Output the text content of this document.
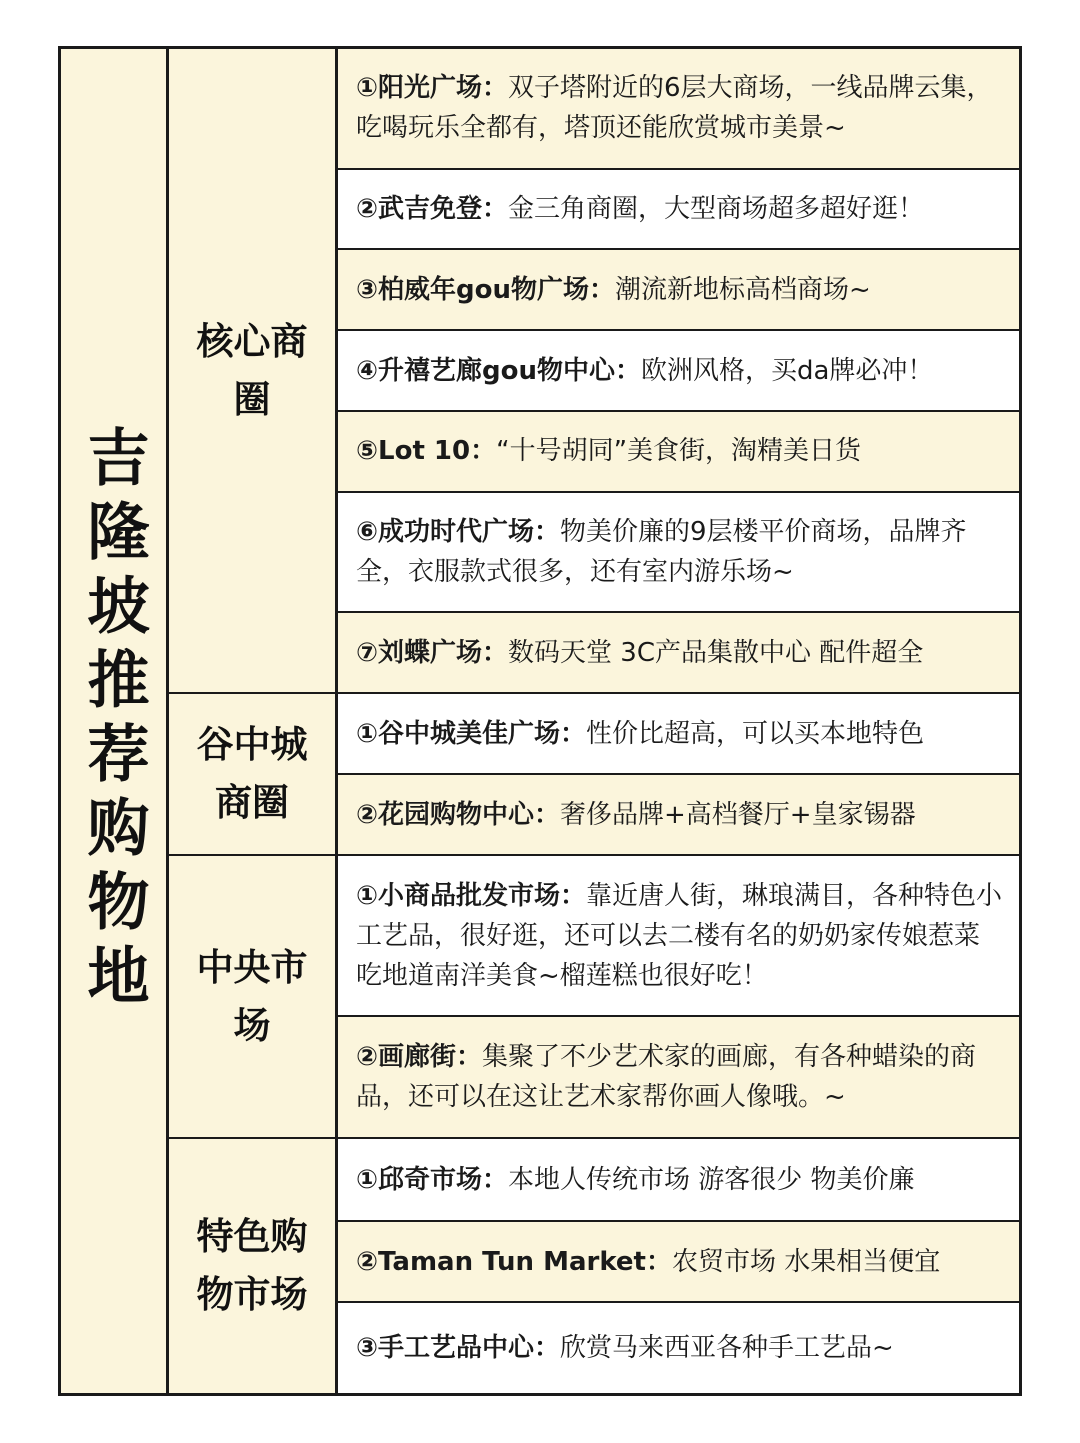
吉隆坡推荐购物地
核心商圈
①阳光广场：双子塔附近的6层大商场，一线品牌云集，吃喝玩乐全都有，塔顶还能欣赏城市美景~
②武吉免登：金三角商圈，大型商场超多超好逛！
③柏威年gou物广场：潮流新地标高档商场~
④升禧艺廊gou物中心：欧洲风格，买da牌必冲！
⑤Lot 10：“十号胡同”美食街，淘精美日货
⑥成功时代广场：物美价廉的9层楼平价商场，品牌齐全，衣服款式很多，还有室内游乐场~
⑦刘蝶广场：数码天堂 3C产品集散中心 配件超全
谷中城商圈
①谷中城美佳广场：性价比超高，可以买本地特色
②花园购物中心：奢侈品牌+高档餐厅+皇家锡器
中央市场
①小商品批发市场：靠近唐人街，琳琅满目，各种特色小工艺品，很好逛，还可以去二楼有名的奶奶家传娘惹菜吃地道南洋美食~榴莲糕也很好吃！
②画廊街：集聚了不少艺术家的画廊，有各种蜡染的商品，还可以在这让艺术家帮你画人像哦。~
特色购物市场
①邱奇市场：本地人传统市场 游客很少 物美价廉
②Taman Tun Market：农贸市场 水果相当便宜
③手工艺品中心：欣赏马来西亚各种手工艺品~
